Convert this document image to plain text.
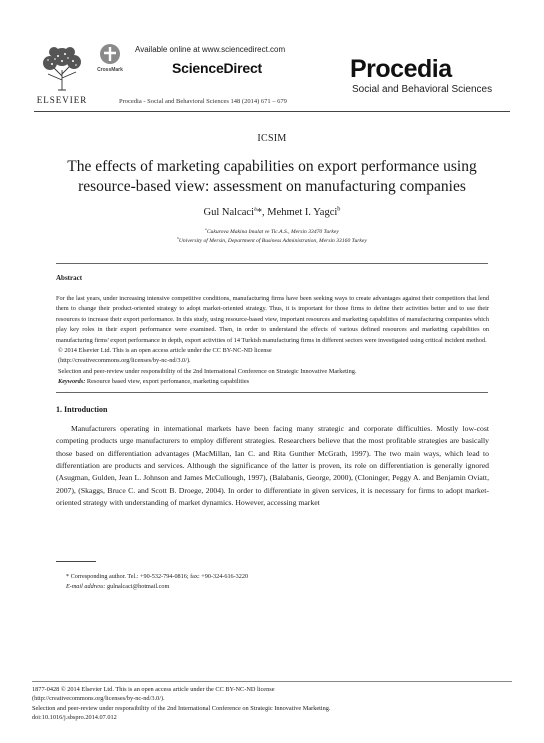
ELSEVIER
CrossMark
Available online at www.sciencedirect.com
ScienceDirect	Procedia
Social and Behavioral Sciences
Procedia - Social and Behavioral Sciences 148 (2014) 671 – 679
ICSIM
The effects of marketing capabilities on export performance using
resource-based view: assessment on manufacturing companies
Gul Nalcaci$^a$*, Mehmet I. Yagci$^b$
$^a$Cukurova Makina Imalat ve Tic.A.S., Mersin 33470 Turkey
$^b$University of Mersin, Department of Business Administration, Mersin 33160 Turkey
Abstract
For the last years, under increasing intensive competitive conditions, manufacturing firms have been seeking ways to create advantages against their competitors that lend them to change their product-oriented strategy to adopt market-oriented strategy. Thus, it is important for those firms to define their activities better and to use their resources to increase their export performance. In this study, using resource-based view, important resources and marketing capabilities of manufacturing companies which play key roles in their export performance were examined. Then, in order to understand the effects of various defined resources and marketing capabilities on manufacturing firms' export performance in depth, export activities of 14 Turkish manufacturing firms in different sectors were investigated using critical incident method.

© 2014 Elsevier Ltd. This is an open access article under the CC BY-NC-ND license

(http://creativecommons.org/licenses/by-nc-nd/3.0/).

Selection and peer-review under responsibility of the 2nd International Conference on Strategic Innovative Marketing.

Keywords: Resource based view, export perfomance, marketing capabilities

1. Introduction
Manufacturers operating in international markets have been facing many strategic and corporate difficulties. Mostly low-cost competing products urge manufacturers to employ different strategies. Researchers believe that the most profitable strategies are basically those based on differentiation advantages (MacMillan, Ian C. and Rita Gunther McGrath, 1997). The two main ways, which lead to differentiation are products and services. Although the significance of the latter is proven, its role on differentiation is generally ignored (Asugman, Gulden, Jean L. Johnson and James McCullough, 1997), (Balabanis, George, 2000), (Cloninger, Peggy A. and Benjamin Oviatt, 2007), (Skaggs, Bruce C. and Scott B. Droege, 2004). In order to differentiate in given services, it is necessary for firms to adopt market-oriented strategy with understanding of market dynamics. However, accessing market
* Corresponding author. Tel.: +90-532-794-0816; fax: +90-324-616-3220
E-mail address: gulnalcaci@hotmail.com

1877-0428 © 2014 Elsevier Ltd. This is an open access article under the CC BY-NC-ND license

(http://creativecommons.org/licenses/by-nc-nd/3.0/).

Selection and peer-review under responsibility of the 2nd International Conference on Strategic Innovative Marketing.

doi:10.1016/j.sbspro.2014.07.012
